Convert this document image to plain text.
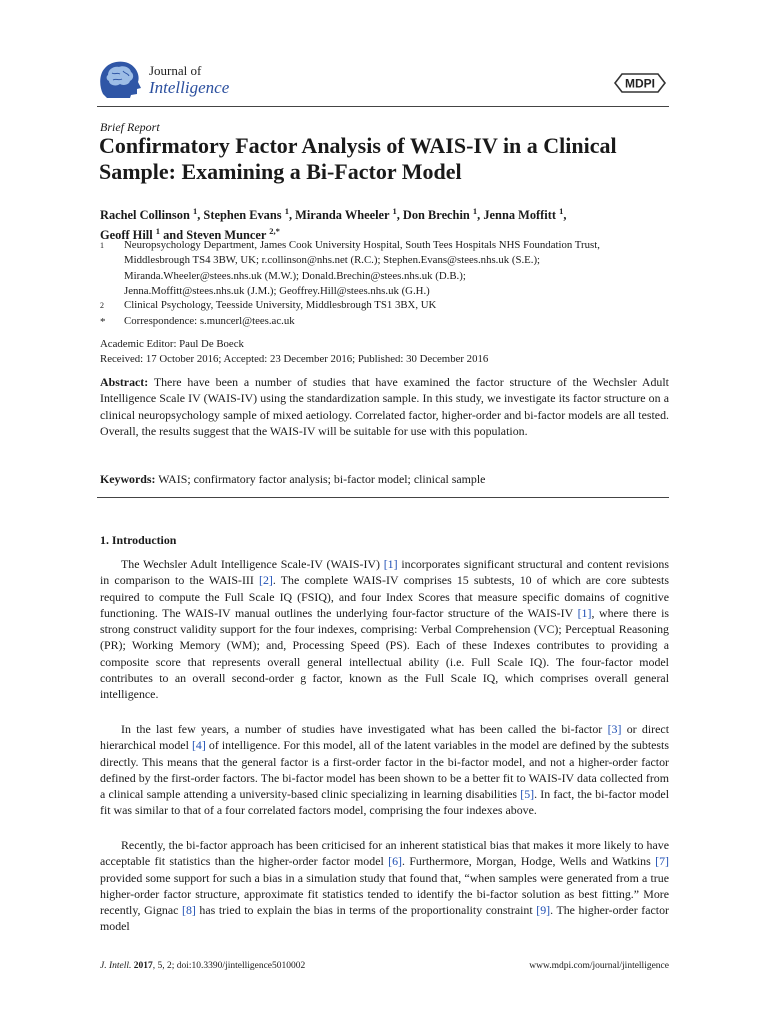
Journal of
Intelligence	MDPI
Brief Report
Confirmatory Factor Analysis of WAIS-IV in a Clinical Sample: Examining a Bi-Factor Model
Rachel Collinson $^1$, Stephen Evans $^1$, Miranda Wheeler $^1$, Don Brechin $^1$, Jenna Moffitt $^1$,
Geoff Hill $^1$ and Steven Muncer $^{2,*}$
1	Neuropsychology Department, James Cook University Hospital, South Tees Hospitals NHS Foundation Trust,
Middlesbrough TS4 3BW, UK; r.collinson@nhs.net (R.C.); Stephen.Evans@stees.nhs.uk (S.E.);
Miranda.Wheeler@stees.nhs.uk (M.W.); Donald.Brechin@stees.nhs.uk (D.B.);
Jenna.Moffitt@stees.nhs.uk (J.M.); Geoffrey.Hill@stees.nhs.uk (G.H.)
2	Clinical Psychology, Teesside University, Middlesbrough TS1 3BX, UK
*	Correspondence: s.muncerl@tees.ac.uk
Academic Editor: Paul De Boeck
Received: 17 October 2016; Accepted: 23 December 2016; Published: 30 December 2016

Abstract: There have been a number of studies that have examined the factor structure of the Wechsler Adult Intelligence Scale IV (WAIS-IV) using the standardization sample. In this study, we investigate its factor structure on a clinical neuropsychology sample of mixed aetiology. Correlated factor, higher-order and bi-factor models are all tested. Overall, the results suggest that the WAIS-IV will be suitable for use with this population.

Keywords: WAIS; confirmatory factor analysis; bi-factor model; clinical sample

1. Introduction

The Wechsler Adult Intelligence Scale-IV (WAIS-IV) [1] incorporates significant structural and content revisions in comparison to the WAIS-III [2]. The complete WAIS-IV comprises 15 subtests, 10 of which are core subtests required to compute the Full Scale IQ (FSIQ), and four Index Scores that measure specific domains of cognitive functioning. The WAIS-IV manual outlines the underlying four-factor structure of the WAIS-IV [1], where there is strong construct validity support for the four indexes, comprising: Verbal Comprehension (VC); Perceptual Reasoning (PR); Working Memory (WM); and, Processing Speed (PS). Each of these Indexes contributes to providing a composite score that represents overall general intellectual ability (i.e. Full Scale IQ). The four-factor model contributes to an overall second-order g factor, known as the Full Scale IQ, which comprises overall general intelligence.

In the last few years, a number of studies have investigated what has been called the bi-factor [3] or direct hierarchical model [4] of intelligence. For this model, all of the latent variables in the model are defined by the subtests directly. This means that the general factor is a first-order factor in the bi-factor model, and not a higher-order factor defined by the first-order factors. The bi-factor model has been shown to be a better fit to WAIS-IV data collected from a clinical sample attending a university-based clinic specializing in learning disabilities [5]. In fact, the bi-factor model fit was similar to that of a four correlated factors model, comprising the four indexes above.

Recently, the bi-factor approach has been criticised for an inherent statistical bias that makes it more likely to have acceptable fit statistics than the higher-order factor model [6]. Furthermore, Morgan, Hodge, Wells and Watkins [7] provided some support for such a bias in a simulation study that found that, “when samples were generated from a true higher-order factor structure, approximate fit statistics tended to identify the bi-factor solution as best fitting.” More recently, Gignac [8] has tried to explain the bias in terms of the proportionality constraint [9]. The higher-order factor model

J. Intell. 2017, 5, 2; doi:10.3390/jintelligence5010002	www.mdpi.com/journal/jintelligence
